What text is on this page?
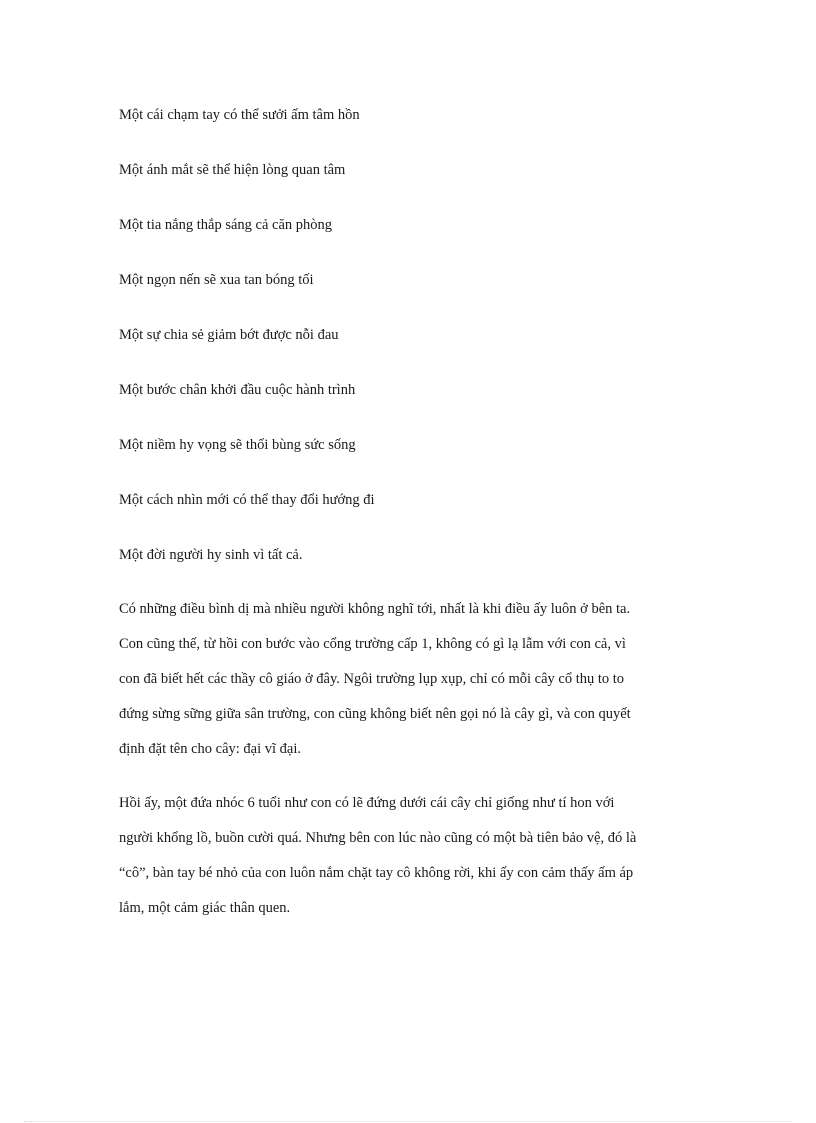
Một cái chạm tay có thể sưởi ấm tâm hồn

Một ánh mắt sẽ thể hiện lòng quan tâm

Một tia nắng thắp sáng cả căn phòng

Một ngọn nến sẽ xua tan bóng tối

Một sự chia sẻ giảm bớt được nỗi đau

Một bước chân khởi đầu cuộc hành trình

Một niềm hy vọng sẽ thổi bùng sức sống

Một cách nhìn mới có thể thay đổi hướng đi

Một đời người hy sinh vì tất cả.

Có những điều bình dị mà nhiều người không nghĩ tới, nhất là khi điều ấy luôn ở bên ta.
Con cũng thế, từ hồi con bước vào cổng trường cấp 1, không có gì lạ lẫm với con cả, vì
con đã biết hết các thầy cô giáo ở đây. Ngôi trường lụp xụp, chỉ có mỗi cây cổ thụ to to
đứng sừng sững giữa sân trường, con cũng không biết nên gọi nó là cây gì, và con quyết
định đặt tên cho cây: đại vĩ đại.
Hồi ấy, một đứa nhóc 6 tuổi như con có lẽ đứng dưới cái cây chỉ giống như tí hon với
người khổng lồ, buồn cười quá. Nhưng bên con lúc nào cũng có một bà tiên bảo vệ, đó là
“cô”, bàn tay bé nhỏ của con luôn nắm chặt tay cô không rời, khi ấy con cảm thấy ấm áp
lắm, một cảm giác thân quen.
